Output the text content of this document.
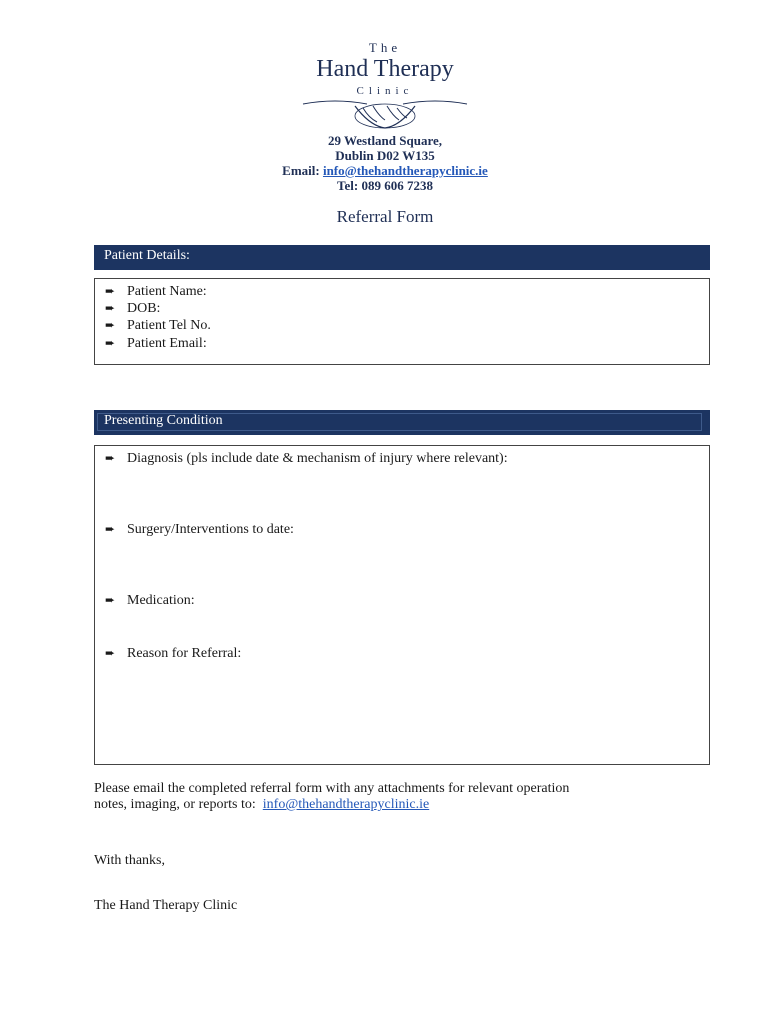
The
Hand Therapy
Clinic
29 Westland Square,
Dublin D02 W135
Email: info@thehandtherapyclinic.ie
Tel: 089 606 7238
Referral Form
Patient Details:
➨ Patient Name:
➨ DOB:
➨ Patient Tel No.
➨ Patient Email:
Presenting Condition
➨ Diagnosis (pls include date & mechanism of injury where relevant):
➨ Surgery/Interventions to date:
➨ Medication:
➨ Reason for Referral:
Please email the completed referral form with any attachments for relevant operation
notes, imaging, or reports to: info@thehandtherapyclinic.ie
With thanks,
The Hand Therapy Clinic
